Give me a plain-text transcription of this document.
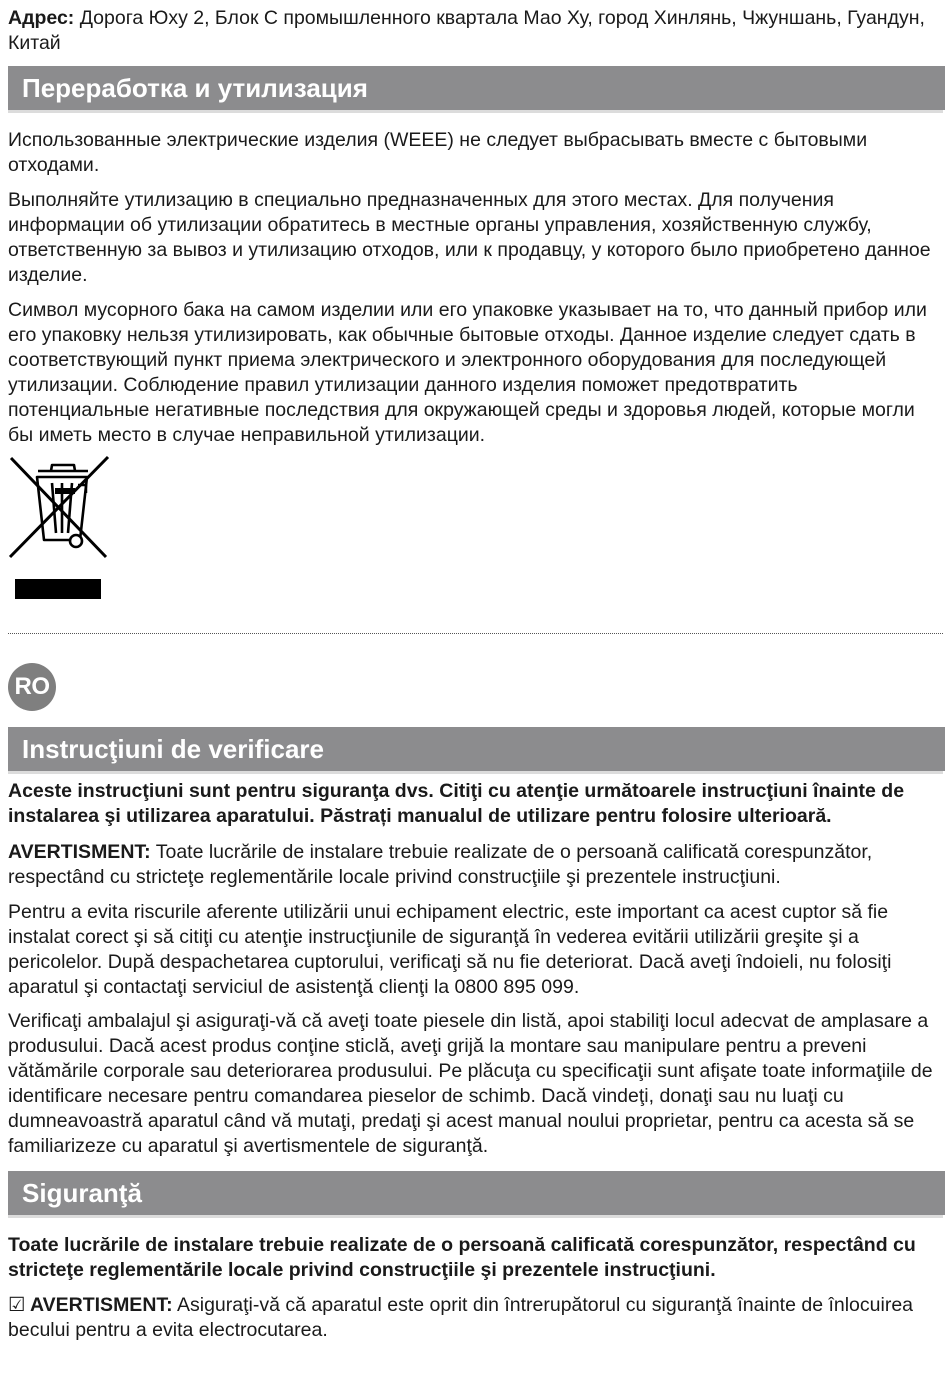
Адрес: Дорога Юху 2, Блок С промышленного квартала Мао Ху, город Хинлянь, Чжуншань, Гуандун, Китай

Переработка и утилизация

Использованные электрические изделия (WEEE) не следует выбрасывать вместе с бытовыми отходами.

Выполняйте утилизацию в специально предназначенных для этого местах. Для получения информации об утилизации обратитесь в местные органы управления, хозяйственную службу, ответственную за вывоз и утилизацию отходов, или к продавцу, у которого было приобретено данное изделие.

Символ мусорного бака на самом изделии или его упаковке указывает на то, что данный прибор или его упаковку нельзя утилизировать, как обычные бытовые отходы. Данное изделие следует сдать в соответствующий пункт приема электрического и электронного оборудования для последующей утилизации. Соблюдение правил утилизации данного изделия поможет предотвратить потенциальные негативные последствия для окружающей среды и здоровья людей, которые могли бы иметь место в случае неправильной утилизации.

RO
Instrucţiuni de verificare

Aceste instrucţiuni sunt pentru siguranţa dvs. Citiţi cu atenţie următoarele instrucţiuni înainte de instalarea şi utilizarea aparatului. Păstrați manualul de utilizare pentru folosire ulterioară.

AVERTISMENT: Toate lucrările de instalare trebuie realizate de o persoană calificată corespunzător, respectând cu stricteţe reglementările locale privind construcţiile şi prezentele instrucţiuni.

Pentru a evita riscurile aferente utilizării unui echipament electric, este important ca acest cuptor să fie instalat corect şi să citiţi cu atenţie instrucţiunile de siguranţă în vederea evitării utilizării greşite şi a pericolelor. După despachetarea cuptorului, verificaţi să nu fie deteriorat. Dacă aveţi îndoieli, nu folosiţi aparatul şi contactaţi serviciul de asistenţă clienţi la 0800 895 099.

Verificaţi ambalajul şi asiguraţi-vă că aveţi toate piesele din listă, apoi stabiliţi locul adecvat de amplasare a produsului. Dacă acest produs conţine sticlă, aveţi grijă la montare sau manipulare pentru a preveni vătămările corporale sau deteriorarea produsului. Pe plăcuţa cu specificaţii sunt afişate toate informaţiile de identificare necesare pentru comandarea pieselor de schimb. Dacă vindeţi, donaţi sau nu luaţi cu dumneavoastră aparatul când vă mutaţi, predaţi şi acest manual noului proprietar, pentru ca acesta să se familiarizeze cu aparatul şi avertismentele de siguranţă.

Siguranţă

Toate lucrările de instalare trebuie realizate de o persoană calificată corespunzător, respectând cu stricteţe reglementările locale privind construcţiile şi prezentele instrucţiuni.

☑ AVERTISMENT: Asiguraţi-vă că aparatul este oprit din întrerupătorul cu siguranţă înainte de înlocuirea becului pentru a evita electrocutarea.
